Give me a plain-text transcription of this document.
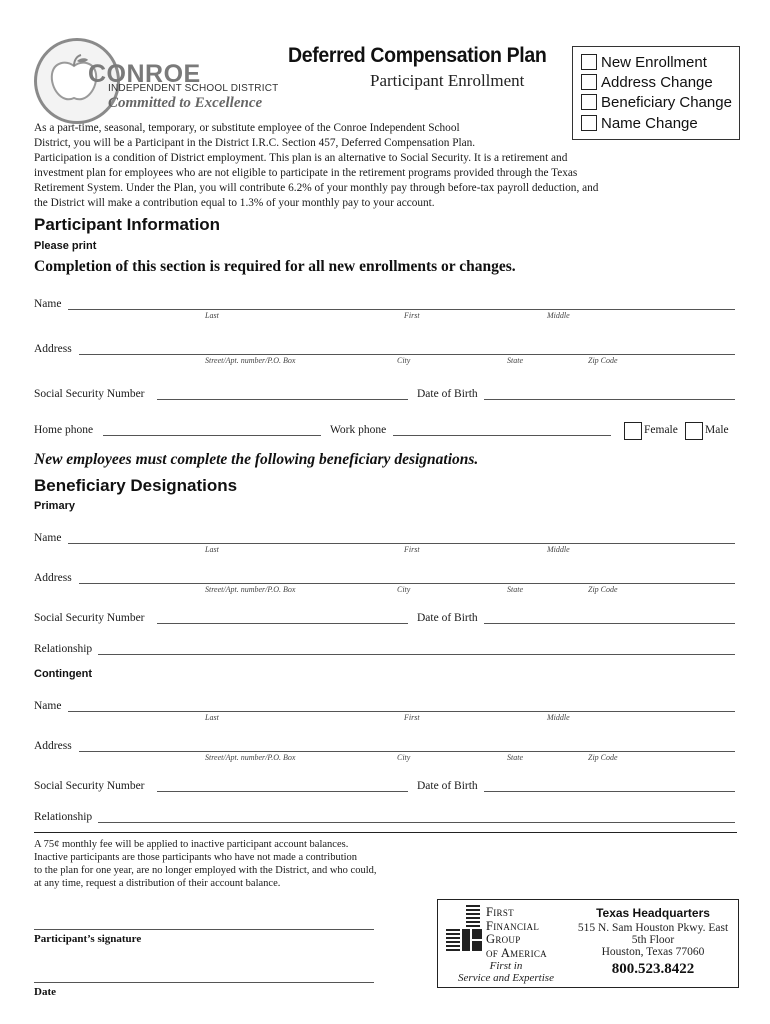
CONROE
INDEPENDENT SCHOOL DISTRICT
Committed to Excellence
Deferred Compensation Plan
Participant Enrollment
New Enrollment
Address Change
Beneficiary Change
Name Change

As a part-time, seasonal, temporary, or substitute employee of the Conroe Independent School

District, you will be a Participant in the District I.R.C. Section 457, Deferred Compensation Plan.

Participation is a condition of District employment. This plan is an alternative to Social Security. It is a retirement and

investment plan for employees who are not eligible to participate in the retirement programs provided through the Texas

Retirement System. Under the Plan, you will contribute 6.2% of your monthly pay through before-tax payroll deduction, and

the District will make a contribution equal to 1.3% of your monthly pay to your account.

Participant Information
Please print
Completion of this section is required for all new enrollments or changes.
Name
Last	First	Middle
Address
Street/Apt. number/P.O. Box	City	State	Zip Code
Social Security Number	Date of Birth
Home phone	Work phone	Female Male
New employees must complete the following beneficiary designations.
Beneficiary Designations
Primary
Name
Last	First	Middle
Address
Street/Apt. number/P.O. Box	City	State	Zip Code
Social Security Number	Date of Birth
Relationship
Contingent
Name
Last	First	Middle
Address
Street/Apt. number/P.O. Box	City	State	Zip Code
Social Security Number	Date of Birth
Relationship
A 75¢ monthly fee will be applied to inactive participant account balances.
Inactive participants are those participants who have not made a contribution
to the plan for one year, are no longer employed with the District, and who could,
at any time, request a distribution of their account balance.
Participant’s signature
Date
First
Financial
Group
of America
First in
Service and Expertise
Texas Headquarters
515 N. Sam Houston Pkwy. East
5th Floor
Houston, Texas 77060
800.523.8422
